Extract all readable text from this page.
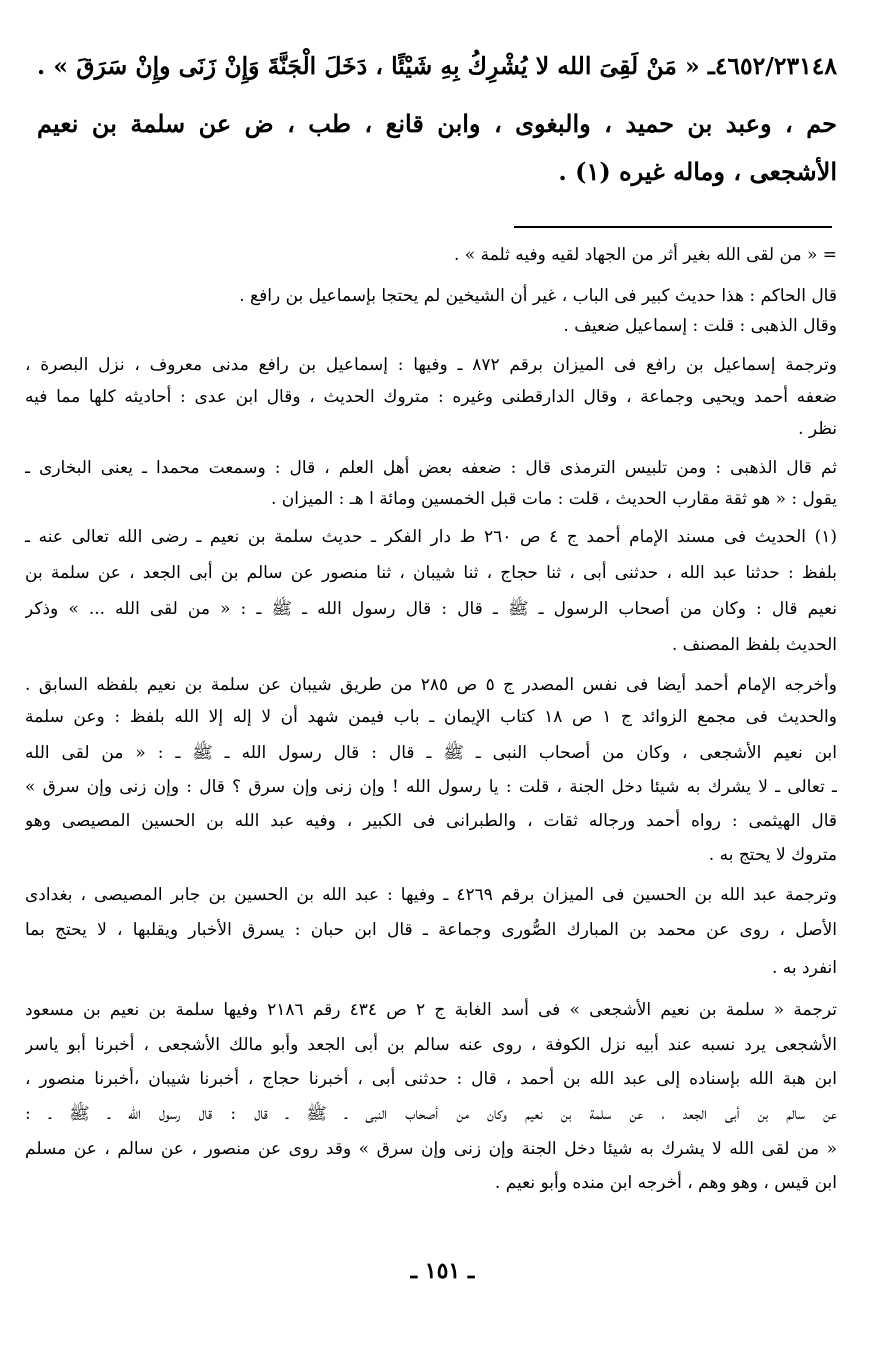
٤٦٥٢/٢٣١٤٨ـ « مَنْ لَقِىَ الله لا يُشْرِكُ بِهِ شَيْئًا ، دَخَلَ الْجَنَّةَ وَإِنْ زَنَى وإِنْ سَرَقَ » .
حم ، وعبد بن حميد ، والبغوى ، وابن قانع ، طب ، ض عن سلمة بن نعيم
الأشجعى ، وماله غيره (١) .
= « من لقى الله بغير أثر من الجهاد لقيه وفيه ثلمة » .
قال الحاكم : هذا حديث كبير فى الباب ، غير أن الشيخين لم يحتجا بإسماعيل بن رافع .
وقال الذهبى : قلت : إسماعيل ضعيف .
وترجمة إسماعيل بن رافع فى الميزان برقم ٨٧٢ ـ وفيها : إسماعيل بن رافع مدنى معروف ، نزل البصرة ،
ضعفه أحمد ويحيى وجماعة ، وقال الدارقطنى وغيره : متروك الحديث ، وقال ابن عدى : أحاديثه كلها مما فيه
نظر .
ثم قال الذهبى : ومن تلبيس الترمذى قال : ضعفه بعض أهل العلم ، قال : وسمعت محمدا ـ يعنى البخارى ـ
يقول : « هو ثقة مقارب الحديث ، قلت : مات قبل الخمسين ومائة ا هـ : الميزان .
(١) الحديث فى مسند الإمام أحمد ج ٤ ص ٢٦٠ ط دار الفكر ـ حديث سلمة بن نعيم ـ رضى الله تعالى عنه ـ
بلفظ : حدثنا عبد الله ، حدثنى أبى ، ثنا حجاج ، ثنا شيبان ، ثنا منصور عن سالم بن أبى الجعد ، عن سلمة بن
نعيم قال : وكان من أصحاب الرسول ـ ﷺ ـ قال : قال رسول الله ـ ﷺ ـ : « من لقى الله ... » وذكر
الحديث بلفظ المصنف .
وأخرجه الإمام أحمد أيضا فى نفس المصدر ج ٥ ص ٢٨٥ من طريق شيبان عن سلمة بن نعيم بلفظه السابق .
والحديث فى مجمع الزوائد ج ١ ص ١٨ كتاب الإيمان ـ باب فيمن شهد أن لا إله إلا الله بلفظ : وعن سلمة
ابن نعيم الأشجعى ، وكان من أصحاب النبى ـ ﷺ ـ قال : قال رسول الله ـ ﷺ ـ : « من لقى الله
ـ تعالى ـ لا يشرك به شيئا دخل الجنة ، قلت : يا رسول الله ! وإن زنى وإن سرق ؟ قال : وإن زنى وإن سرق »
قال الهيثمى : رواه أحمد ورجاله ثقات ، والطبرانى فى الكبير ، وفيه عبد الله بن الحسين المصيصى وهو
متروك لا يحتج به .
وترجمة عبد الله بن الحسين فى الميزان برقم ٤٢٦٩ ـ وفيها : عبد الله بن الحسين بن جابر المصيصى ، بغدادى
الأصل ، روى عن محمد بن المبارك الصُّورى وجماعة ـ قال ابن حبان : يسرق الأخبار ويقلبها ، لا يحتج بما
انفرد به .
ترجمة « سلمة بن نعيم الأشجعى » فى أسد الغابة ج ٢ ص ٤٣٤ رقم ٢١٨٦ وفيها سلمة بن نعيم بن مسعود
الأشجعى يرد نسبه عند أبيه نزل الكوفة ، روى عنه سالم بن أبى الجعد وأبو مالك الأشجعى ، أخبرنا أبو ياسر
ابن هبة الله بإسناده إلى عبد الله بن أحمد ، قال : حدثنى أبى ، أخبرنا حجاج ، أخبرنا شيبان ،أخبرنا منصور ،
عن سالم بن أبى الجعد ، عن سلمة بن نعيم وكان من أصحاب النبى ـ ﷺ ـ قال : قال رسول الله ـ ﷺ ـ :
« من لقى الله لا يشرك به شيئا دخل الجنة وإن زنى وإن سرق » وقد روى عن منصور ، عن سالم ، عن مسلم
ابن قيس ، وهو وهم ، أخرجه ابن منده وأبو نعيم .
ـ ١٥١ ـ
